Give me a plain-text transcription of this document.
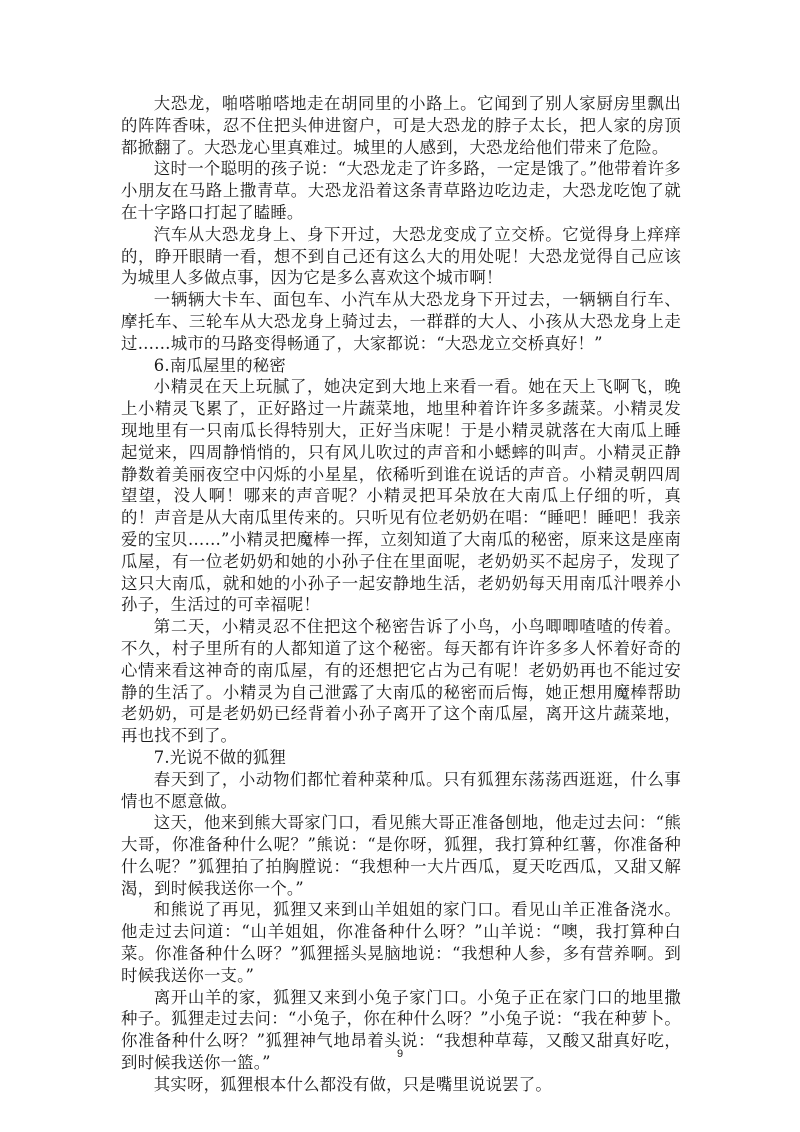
大恐龙，啪嗒啪嗒地走在胡同里的小路上。它闻到了别人家厨房里飘出的阵阵香味，忍不住把头伸进窗户，可是大恐龙的脖子太长，把人家的房顶都掀翻了。大恐龙心里真难过。城里的人感到，大恐龙给他们带来了危险。

这时一个聪明的孩子说：“大恐龙走了许多路，一定是饿了。”他带着许多小朋友在马路上撒青草。大恐龙沿着这条青草路边吃边走，大恐龙吃饱了就在十字路口打起了瞌睡。

汽车从大恐龙身上、身下开过，大恐龙变成了立交桥。它觉得身上痒痒的，睁开眼睛一看，想不到自己还有这么大的用处呢！大恐龙觉得自己应该为城里人多做点事，因为它是多么喜欢这个城市啊！

一辆辆大卡车、面包车、小汽车从大恐龙身下开过去，一辆辆自行车、摩托车、三轮车从大恐龙身上骑过去，一群群的大人、小孩从大恐龙身上走过……城市的马路变得畅通了，大家都说：“大恐龙立交桥真好！”

6.南瓜屋里的秘密

小精灵在天上玩腻了，她决定到大地上来看一看。她在天上飞啊飞，晚上小精灵飞累了，正好路过一片蔬菜地，地里种着许许多多蔬菜。小精灵发现地里有一只南瓜长得特别大，正好当床呢！于是小精灵就落在大南瓜上睡起觉来，四周静悄悄的，只有风儿吹过的声音和小蟋蟀的叫声。小精灵正静静数着美丽夜空中闪烁的小星星，依稀听到谁在说话的声音。小精灵朝四周望望，没人啊！哪来的声音呢？小精灵把耳朵放在大南瓜上仔细的听，真的！声音是从大南瓜里传来的。只听见有位老奶奶在唱：“睡吧！睡吧！我亲爱的宝贝……”小精灵把魔棒一挥，立刻知道了大南瓜的秘密，原来这是座南瓜屋，有一位老奶奶和她的小孙子住在里面呢，老奶奶买不起房子，发现了这只大南瓜，就和她的小孙子一起安静地生活，老奶奶每天用南瓜汁喂养小孙子，生活过的可幸福呢！

第二天，小精灵忍不住把这个秘密告诉了小鸟，小鸟唧唧喳喳的传着。不久，村子里所有的人都知道了这个秘密。每天都有许许多多人怀着好奇的心情来看这神奇的南瓜屋，有的还想把它占为己有呢！老奶奶再也不能过安静的生活了。小精灵为自己泄露了大南瓜的秘密而后悔，她正想用魔棒帮助老奶奶，可是老奶奶已经背着小孙子离开了这个南瓜屋，离开这片蔬菜地，再也找不到了。

7.光说不做的狐狸

春天到了，小动物们都忙着种菜种瓜。只有狐狸东荡荡西逛逛，什么事情也不愿意做。

这天，他来到熊大哥家门口，看见熊大哥正准备刨地，他走过去问：“熊大哥，你准备种什么呢？”熊说：“是你呀，狐狸，我打算种红薯，你准备种什么呢？”狐狸拍了拍胸膛说：“我想种一大片西瓜，夏天吃西瓜，又甜又解渴，到时候我送你一个。”

和熊说了再见，狐狸又来到山羊姐姐的家门口。看见山羊正准备浇水。他走过去问道：“山羊姐姐，你准备种什么呀？”山羊说：“噢，我打算种白菜。你准备种什么呀？”狐狸摇头晃脑地说：“我想种人参，多有营养啊。到时候我送你一支。”

离开山羊的家，狐狸又来到小兔子家门口。小兔子正在家门口的地里撒种子。狐狸走过去问：“小兔子，你在种什么呀？”小兔子说：“我在种萝卜。你准备种什么呀？”狐狸神气地昂着头说：“我想种草莓，又酸又甜真好吃，到时候我送你一篮。”

其实呀，狐狸根本什么都没有做，只是嘴里说说罢了。

9
